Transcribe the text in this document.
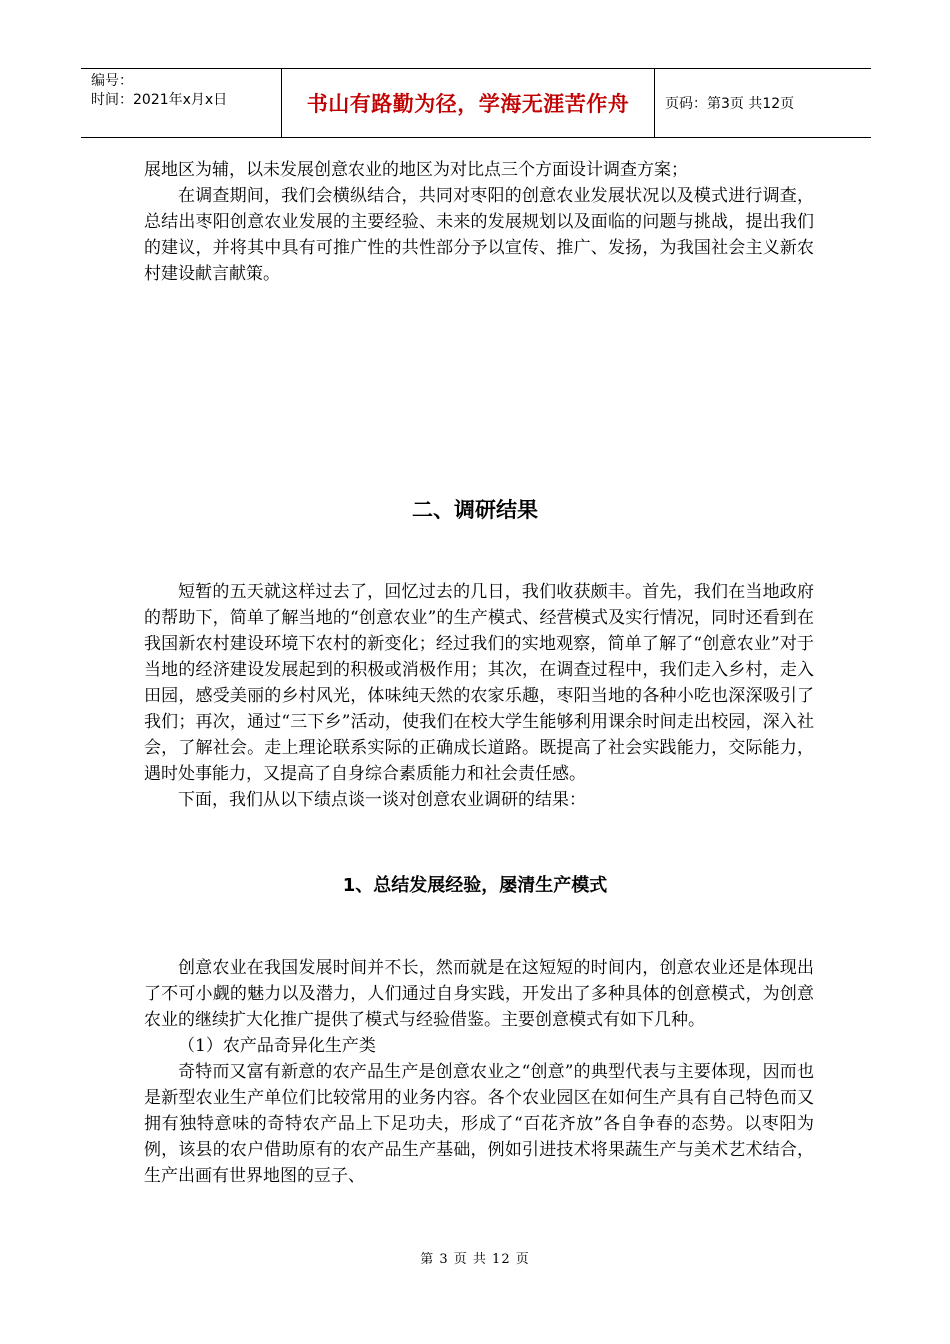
编号：
时间：2021年x月x日	书山有路勤为径，学海无涯苦作舟	页码：第3页 共12页

展地区为辅，以未发展创意农业的地区为对比点三个方面设计调查方案；

在调查期间，我们会横纵结合，共同对枣阳的创意农业发展状况以及模式进行调查，总结出枣阳创意农业发展的主要经验、未来的发展规划以及面临的问题与挑战，提出我们的建议，并将其中具有可推广性的共性部分予以宣传、推广、发扬，为我国社会主义新农村建设献言献策。

二、调研结果

短暂的五天就这样过去了，回忆过去的几日，我们收获颇丰。首先，我们在当地政府的帮助下，简单了解当地的“创意农业”的生产模式、经营模式及实行情况，同时还看到在我国新农村建设环境下农村的新变化；经过我们的实地观察，简单了解了“创意农业”对于当地的经济建设发展起到的积极或消极作用；其次，在调查过程中，我们走入乡村，走入田园，感受美丽的乡村风光，体味纯天然的农家乐趣，枣阳当地的各种小吃也深深吸引了我们；再次，通过“三下乡”活动，使我们在校大学生能够利用课余时间走出校园，深入社会，了解社会。走上理论联系实际的正确成长道路。既提高了社会实践能力，交际能力，遇时处事能力，又提高了自身综合素质能力和社会责任感。

下面，我们从以下绩点谈一谈对创意农业调研的结果：

1、总结发展经验，屡清生产模式

创意农业在我国发展时间并不长，然而就是在这短短的时间内，创意农业还是体现出了不可小觑的魅力以及潜力，人们通过自身实践，开发出了多种具体的创意模式，为创意农业的继续扩大化推广提供了模式与经验借鉴。主要创意模式有如下几种。

（1）农产品奇异化生产类

奇特而又富有新意的农产品生产是创意农业之“创意”的典型代表与主要体现，因而也是新型农业生产单位们比较常用的业务内容。各个农业园区在如何生产具有自己特色而又拥有独特意味的奇特农产品上下足功夫，形成了“百花齐放”各自争春的态势。以枣阳为例，该县的农户借助原有的农产品生产基础，例如引进技术将果蔬生产与美术艺术结合，生产出画有世界地图的豆子、

第 3 页 共 12 页
